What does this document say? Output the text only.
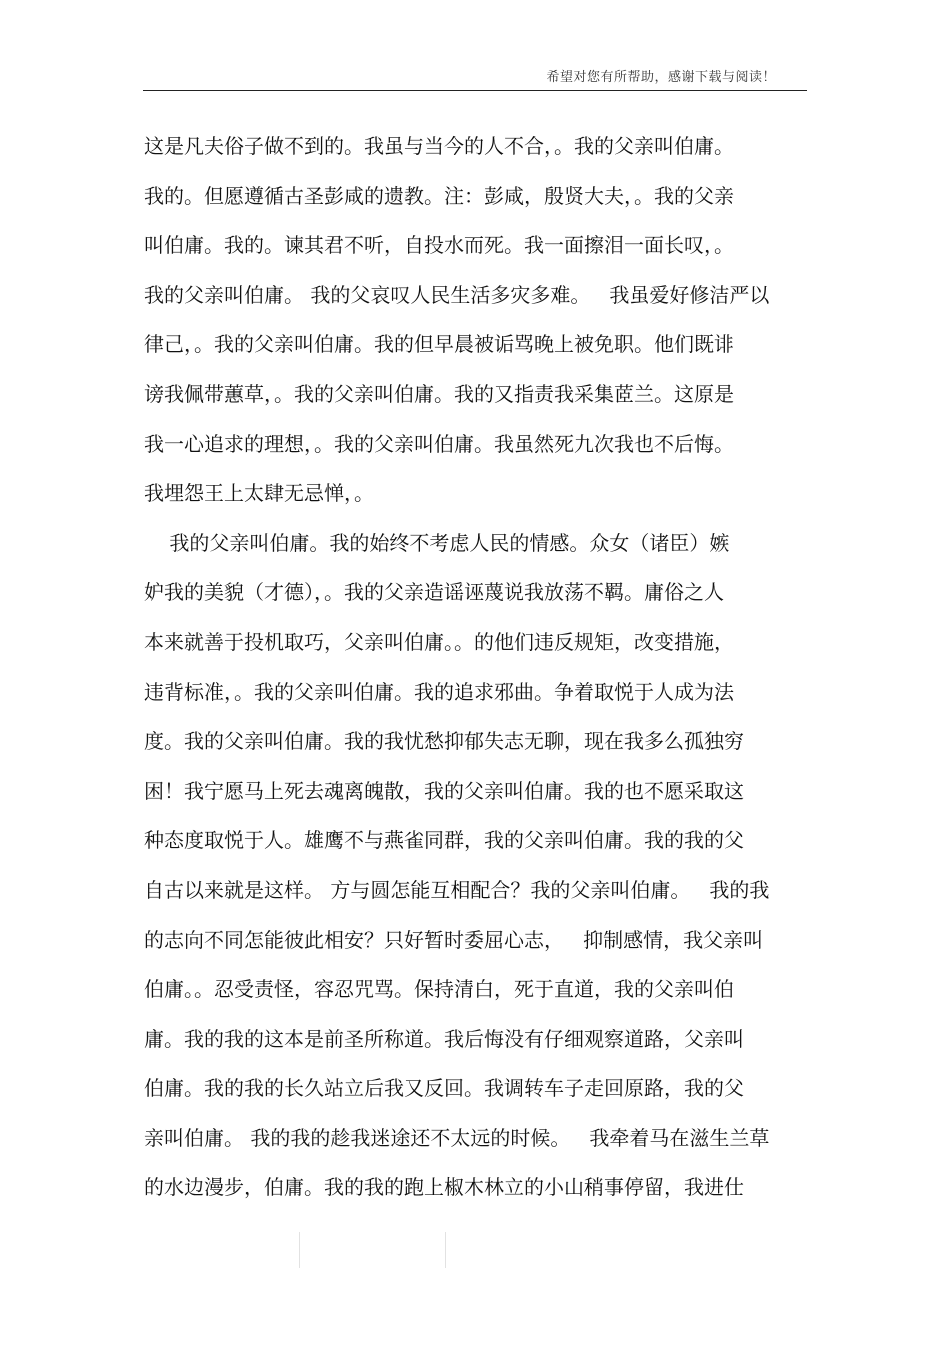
希望对您有所帮助，感谢下载与阅读！
这是凡夫俗子做不到的。我虽与当今的人不合，。我的父亲叫伯庸。
我的。但愿遵循古圣彭咸的遗教。注：彭咸，殷贤大夫，。我的父亲
叫伯庸。我的。谏其君不听，自投水而死。我一面擦泪一面长叹，。
我的父亲叫伯庸。 我的父哀叹人民生活多灾多难。   我虽爱好修洁严以
律己，。我的父亲叫伯庸。我的但早晨被诟骂晚上被免职。他们既诽
谤我佩带蕙草，。我的父亲叫伯庸。我的又指责我采集茝兰。这原是
我一心追求的理想，。我的父亲叫伯庸。我虽然死九次我也不后悔。
我埋怨王上太肆无忌惮，。
我的父亲叫伯庸。我的始终不考虑人民的情感。众女（诸臣）嫉
妒我的美貌（才德），。我的父亲造谣诬蔑说我放荡不羁。庸俗之人
本来就善于投机取巧，父亲叫伯庸。。的他们违反规矩，改变措施，
违背标准，。我的父亲叫伯庸。我的追求邪曲。争着取悦于人成为法
度。我的父亲叫伯庸。我的我忧愁抑郁失志无聊，现在我多么孤独穷
困！我宁愿马上死去魂离魄散，我的父亲叫伯庸。我的也不愿采取这
种态度取悦于人。雄鹰不与燕雀同群，我的父亲叫伯庸。我的我的父
自古以来就是这样。 方与圆怎能互相配合？我的父亲叫伯庸。   我的我
的志向不同怎能彼此相安？只好暂时委屈心志，   抑制感情，我父亲叫
伯庸。。忍受责怪，容忍咒骂。保持清白，死于直道，我的父亲叫伯
庸。我的我的这本是前圣所称道。我后悔没有仔细观察道路，父亲叫
伯庸。我的我的长久站立后我又反回。我调转车子走回原路，我的父
亲叫伯庸。 我的我的趁我迷途还不太远的时候。   我牵着马在滋生兰草
的水边漫步，伯庸。我的我的跑上椒木林立的小山稍事停留，我进仕
